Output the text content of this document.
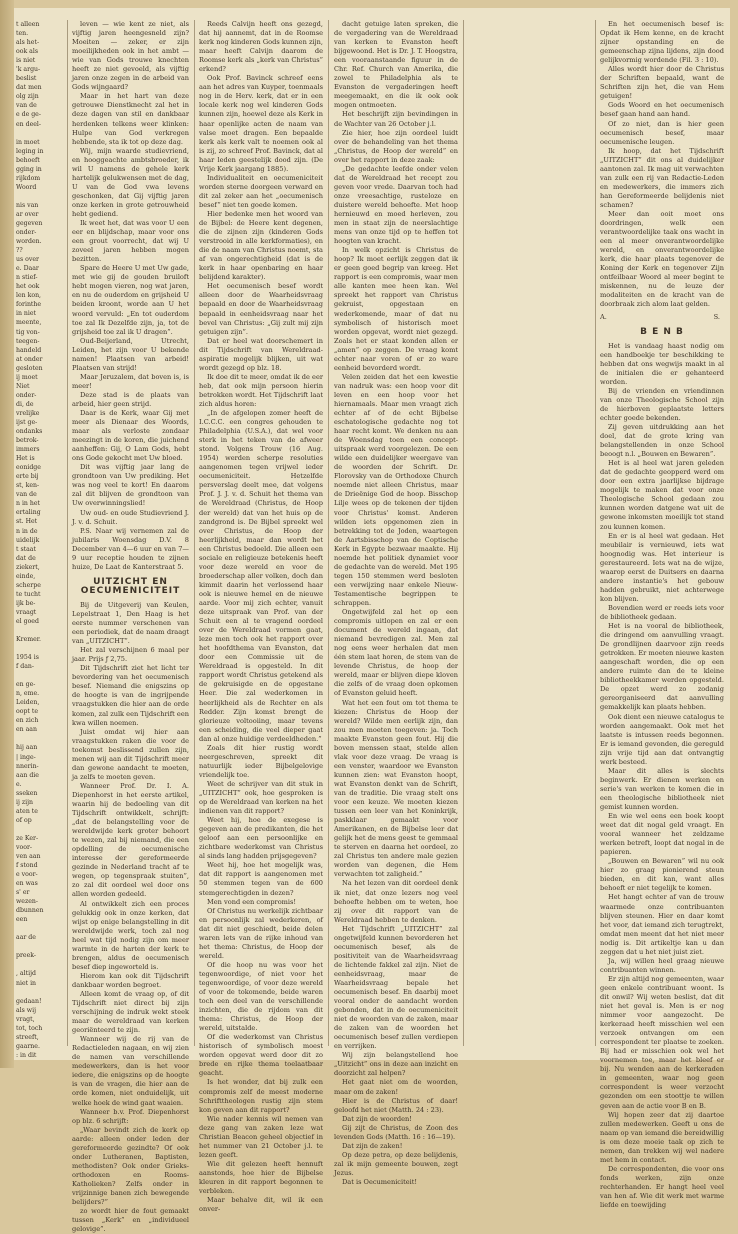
t alleen
ten.
als het-
ook als
is niet
'k argu-
beslist
dat men
olg zijn
van de
e de ge-
en deel-
in moet
leging in
behoeft
gging in
rijkdom
Woord
nis van
ar over
gegeven
onder-
worden.
??
us over
e. Daar
n stief-
het ook
len kon,
forinthe
in niet
meente,
tig von-
teegen-
handeld
at onder
gesloten
ij moet
Niet
onder-
di, de
vrelijke
ijst ge-
ondanks
betrok-
immers
Het is
eonidge
erte bij
st, ken-
van de
n in het
ertaling
st. Het
n in de
uidelijk
t staat
dat de
ziekert,
einde,
scherpe
te tucht
ijk be-
vraagt
el goed
Kremer.
1954 is
f dan-
en ge-
n, eme.
Leiden,
oopt te
en zich
en aan
hij aan
| inge-
nnerin-
aan die
e.
sseken
ij zijn
aten te
of op
ze Ker-
voor-
ven aan
f stond
e voor-
en was
s' er
wezen-
dbunnen
een
aar de
preek-
, altijd
niet in
gedaan!
als wij
vragt,
tot, toch
streeft,
gaarne.
: in dit

leven — wie kent ze niet, als vijftig jaren heengesneld zijn? Moeiten — zeker, er zijn moeilijkheden ook in het ambt — wie van Gods trouwe knechten heeft ze niet gevoeld, als vijftig jaren onze zegen in de arbeid van Gods wijngaard?

Maar in het hart van deze getrouwe Dienstknecht zal het in deze dagen van stil en dankbaar herdenken telkens weer klinken: Hulpe van God verkregen hebbende, sta ik tot op deze dag.

Wij, mijn waarde studievriend, en hooggeachte ambtsbroeder, ik wil U namens de gehele kerk hartelijk gelukwensen met de dag, U van de God vwa levens geschonken, dat Gij vijftig jaren onze kerken in grote getrouwheid hebt gediend.

Ik weet het, dat was voor U een eer en blijdschap, maar voor ons een grout voorrecht, dat wij U zoveel jaren hebben mogen bezitten.

Spare de Heere U met Uw gade, met wie gij de gouden bruiloft hebt mogen vieren, nog wat jaren, en nu de ouderdom en grijsheid U beiden kroont, worde aan U het woord vervuld: „En tot ouderdom toe zal Ik Dezelfde zijn, ja, tot de grijsheid toe zal ik U dragen”.

Oud-Beijerland, Utrecht, Leiden, het zijn voor U bekende namen! Plaatsen van arbeid! Plaatsen van strijd!

Maar Jeruzalem, dat boven is, is meer!

Deze stad is de plaats van arbeid, hier geen strijd.

Daar is de Kerk, waar Gij met meer als Dienaar des Woords, maar als verloste zondaar meezingt in de koren, die juichend aanheffen: Gij, O Lam Gods, hebt ons Gode gekocht met Uw bloed.

Dit was vijftig jaar lang de grondtoon van Uw prediking. Het was nog veel te kort! En daarom zal dit blijven de grondtoon van Uw overwinningslied!

Uw oud- en oude Studievriend J. J. v. d. Schuit.

P.S. Naar wij vernemen zal de jubilaris Woensdag D.V. 8 December van 4—6 uur en van 7—9 uur receptie houden te zijnen huize, De Laat de Kanterstraat 5.

UITZICHT EN OECUMENICITEIT

Bij de Uitgeverij van Keulen, Lepelstraat 1, Den Haag is het eerste nummer verschenen van een periodiek, dat de naam draagt van „UITZICHT”.

Het zal verschijnen 6 maal per jaar. Prijs ƒ 2,75.

Dit Tijdschrift ziet het licht ter bevordering van het oecumenisch besef. Niemand die enigszins op de hoogte is van de ingrijpende vraagstukken die hier aan de orde komen, zal zulk een Tijdschrift een kwa willen noemen.

Juist omdat wij hier aan vraagstukken raken die voor de toekomst beslissend zullen zijn, menen wij aan dit Tijdschrift meer dan gewone aandacht te moeten, ja zelfs te moeten geven.

Wanneer Prof. Dr. I. A. Diepenhorst in het eerste artikel, waarin hij de bedoeling van dit Tijdschrift ontwikkelt, schrijft: „dat de belangstelling voor de wereldwijde kerk groter behoort te wezen, zal bij niemand, die een opdelling de oecumenische interesse der gereformeerde gezinde in Nederland tracht af te wegen, op tegenspraak stuiten”, zo zal dit oordeel wel door ons allen worden gedeeld.

Al ontwikkelt zich een proces gelukkig ook in onze kerken, dat wijst op enige belangstelling in dit wereldwijde werk, toch zal nog heel wat tijd nodig zijn om meer warmte in de harten der kerk te brengen, aldus de oecumenisch besef diep ingeworteld is.

Hierom kan ook dit Tijdschrift dankbaar worden begroet.

Alleen komt de vraag op, of dit Tijdschrift niet direct bij zijn verschijning de indruk wekt steek maar de wereldraad van kerken georiënteerd te zijn.

Wanneer wij de rij van de Redactieleden nagaan, en wij zien de namen van verschillende medewerkers, dan is het voor iedere, die enigszins op de hoogte is van de vragen, die hier aan de orde komen, niet onduidelijk, uit welke hoek de wind gaat waaien.

Wanneer b.v. Prof. Diepenhorst op blz. 6 schrijft:

„Waar bevindt zich de kerk op aarde: alleen onder leden der gereformeerde gezindte? Of ook onder Lutheranen, Baptisten, methodisten? Ook onder Grieks-orthodoxen en Rooms-Katholieken? Zelfs onder in vrijzinnige banen zich bewegende belijders?”

zo wordt hier de fout gemaakt tussen „Kerk” en „individueel gelovige”.

Reeds Calvijn heeft ons gezegd, dat hij aannemt, dat in de Roomse kerk nog kinderen Gods kunnen zijn, maar heeft Calvijn daarom de Roomse kerk als „kerk van Christus” erkend?

Ook Prof. Bavinck schreef eens aan het adres van Kuyper, toenmaals nog in de Herv. kerk, dat er in een locale kerk nog wel kinderen Gods kunnen zijn, hoewel deze als Kerk in haar openlijke acten de naam van valse moet dragen. Een bepaalde kerk als kerk valt te noemen ook al is zij, zo schreef Prof. Bavinck, dat al haar leden geestelijk dood zijn. (De Vrije Kerk jaargang 1885).

Individualiteit en oecumeniciteit worden sterne doorgeen verward en dit zal zeker aan het „oecumenisch besef” niet ten goede komen.

Hier bedenke men het woord van de Bijbel: de Heere kent degenen, die de zijnen zijn (kinderen Gods verstrooid in alle kerkformaties), en die de naam van Christus noemt, sta af van ongerechtigheid (dat is de kerk in haar openbaring en haar belijdend karakter).

Het oecumenisch besef wordt alleen door de Waarheidsvraag bepaald en door de Waarheidsvraag bepaald in eenheidsvraag naar het bevel van Christus: „Gij zult mij zijn getuigen zijn”.

Dat er heel wat doorschemert in dit Tijdschrift van Wereldraad-aspiratie mogelijk blijken, uit wat wordt gezegd op blz. 18.

Ik doe dit te meer, omdat ik de eer heb, dat ook mijn persoon hierin betrokken wordt. Het Tijdschrift laat zich aldus horen:

„In de afgelopen zomer heeft de I.C.C.C. een congres gehouden te Philadelphia (U.S.A.), dat wel voor sterk in het teken van de afweer stond. Volgens Trouw (16 Aug. 1954) werden scherpe resoluties aangenomen tegen vrijwel ieder oecumeniciteit. Hetzelfde persverslag deelt mee, dat volgens Prof. J. J. v. d. Schuit het thema van de Wereldraad (Christus, de Hoop der wereld) dat van het huis op de zandgrond is. De Bijbel spreekt wel over Christus, de Hoop der heerlijkheid, maar dan wordt het een Christus bedoeld. Die alleen een sociale en religieuze betekenis heeft voor deze wereld en voor de broederschap aller volken, doch dan kimmit daarin het verlossend haar ook is nieuwe hemel en de nieuwe aarde. Voor mij zich echter, vanuit deze uitspraak van Prof. van der Schuit een al te vragend oordeel over de Wereldraad vormen gaat, leze men toch ook het rapport over het hoofdthema van Evanston, dat door een Commissie uit de Wereldraad is opgesteld. In dit rapport wordt Christus getekend als de gekruisigde en de opgestane Heer. Die zal wederkomen in heerlijkheid als de Rechter en als Redder. Zijn komst brengt de glorieuze voltooiing, maar tevens een scheiding, die veel dieper gaat dan al onze huidige verdeeldheden.”

Zoals dit hier rustig wordt neergeschreven, spreekt dit natuurlijk ieder Bijbelgelovige vriendelijk toe.

Weet de schrijver van dit stuk in „UITZICHT” ook, hoe gesproken is op de Wereldraad van kerken na het indienen van dit rapport?

Weet hij, hoe de exegese is gegeven aan de predikanten, die het geloof aan een persoonlijke en zichtbare wederkomst van Christus al sinds lang hadden prijsgegeven?

Weet hij, hoe het mogelijk was, dat dit rapport is aangenomen met 50 stemmen tegen van de 600 stemgerechtigden in dezen?

Men vond een compromis!

Of Christus nu werkelijk zichtbaar en persoonlijk zal wederkeren, of dat dit niet geschiedt, beide delen waren lets van de rijke inhoud van het thema: Christus, de Hoop der wereld.

Of die hoop nu was voor het tegenwoordige, of niet voor het tegenwoordige, of voor deze wereld of voor de tokomende, beide waren toch een deel van de verschillende inzichten, die de rijdom van dit thema: Christus, de Hoop der wereld, uitstalde.

Of die wederkomst van Christus historisch of symbolisch moest worden opgevat werd door dit zo brede en rijke thema toelaatbaar geacht.

Is het wonder, dat bij zulk een compromis zelf de meest moderne Schrifttheologen rustig zijn stem kon geven aan dit rapport?

Wie nader kennis wil nemen van deze gang van zaken leze wat Christian Beacon geheel objectief in het nummer van 21 October j.l. te lezen geeft.

Wie dit gelezen heeft hennuft aanstonds, hoe hier de Bijbelse kleuren in dit rapport begonnen te verbleken.

Maar behalve dit, wil ik een onver-

dacht getuige laten spreken, die de vergadering van de Wereldraad van kerken te Evanston heeft bijgewoond. Het is Dr. J. T. Hoogstra, een vooraanstaande figuur in de Chr. Ref. Church van Amerika, die zowel te Philadelphia als te Evanston de vergaderingen heeft meegemaakt, en die ik ook ook mogen ontmoeten.

Het beschrijft zijn bevindingen in de Wachter van 26 October j.l.

Zie hier, hoe zijn oordeel luidt over de behandeling van het thema „Christus, de Hoop der wereld” en over het rapport in deze zaak:

„De gedachte leefde onder velen dat de Wereldraad het recept zou geven voor vrede. Daarvan toch had onze vreesachtige, rusteloze en duistere wereld behoefte. Met hoop hernieuwd en moed herleven, zou men in staat zijn de neerslachtige mens van onze tijd op te heffen tot hoogten van kracht.

In welk opzicht is Christus de hoop? Ik moet eerlijk zeggen dat ik er geen goed begrip van kreeg. Het rapport is een compromis, waar men alle kanten mee heen kan. Wel spreekt het rapport van Christus gekruist, opgestaan en wederkomende, maar of dat nu symbolisch of historisch moet worden opgevat, wordt niet gezegd. Zoals het er staat konden allen er „amen” op zeggen. De vraag komt echter naar voren of er zo ware eenheid bevorderd wordt.

Velen zeiden dat het een kwestie van nadruk was: een hoop voor dit leven en een hoop voor het hiernamaals. Maar men vraagt zich echter af of de echt Bijbelse eschatologische gedachte nog tot haar recht komt. We denken nu aan de Woensdag toen een concept-uitspraak werd voorgelezen. De een wilde een duidelijker weergave van de woorden der Schrift. Dr. Florovsky van de Orthodoxe Church noemde niet alleen Christus, maar de Drieënige God de hoop. Bisschop Lilje wees op de tekenen der tijden voor Christus' komst. Anderen wilden iets opgenomen zien in betrekking tot de Joden, waartegen de Aartsbisschop van de Coptische Kerk in Egypte bezwaar maakte. Hij noemde het politiek dynamiet voor de gedachte van de wereld. Met 195 tegen 150 stemmen werd besloten een verwijzing naar enkele Nieuw-Testamentische begrippen te schrappen.

Ongetwijfeld zal het op een compromis uitlopen en zal er een document de wereld ingaan, dat niemand bevredigen zal. Men zal nog eens weer herhalen dat men één stem laat horen, de stem van de levende Christus, de hoop der wereld, maar er blijven diepe kloven die zelfs of de vraag doen opkomen of Evanston geluid heeft.

Wat het een fout om tot thema te kiezen: Christus de Hoop der wereld? Wilde men eerlijk zijn, dan zou men moeten toegeven: ja. Toch maakte Evanston geen fout. Hij die boven menssen staat, stelde allen vlak voor deze vraag. De vraag is een venster, waardoor we Evanston kunnen zien: wat Evanston hoopt, wat Evanston denkt van de Schrift, van de traditie. Die vraag stelt ons voor een keuze. We moeten kiezen tussen een leer van het Koninkrijk, paskklaar gemaakt voor Amerikanen, en de Bijbelse leer dat gelijk het de mens geest te gemmaal te sterven en daarna het oordeel, zo zal Christus ten andere male gezien worden van degenen, die Hem verwachten tot zaligheid.”

Na het lezen van dit oordeel denk ik niet, dat onze lezers nog veel behoefte hebben om te weten, hoe zij over dit rapport van de Wereldraad hebben te denken.

Het Tijdschrift „UITZICHT” zal ongetwijfeld kunnen bevorderen het oecumenisch besef, als de positiviteit van de Waarheidsvraag de lichtende fakkel zal zijn. Niet de eenheidsvraag, maar de Waarheidsvraag bepale het oecumenisch besef. En daarbij moet vooral onder de aandacht worden gebonden, dat in de oecumeniciteit niet de woorden van de zaken, maar de zaken van de woorden het oecumenisch besef zullen verdiepen en verrijken.

Wij zijn belangstellend hoe „Uitzicht” ons in deze aan inzicht en doorzicht zal helpen?

Het gaat niet om de woorden, maar om de zaken!

Hier is de Christus of daar! geloofd het niet (Matth. 24 : 23).

Dat zijn de woorden!

Gij zijt de Christus, de Zoon des levenden Gods (Matth. 16 : 16—19).

Dat zijn de zaken!

Op deze petra, op deze belijdenis, zal ik mijn gemeente bouwen, zegt Jezus.

Dat is Oecumeniciteit!

En het oecumenisch besef is: Opdat ik Hem kenne, en de kracht zijner opstanding en de gemeenschap zijna lijdens, zijn dood gelijkvormig wordende (Fil. 3 : 10).

Alles wordt hier door de Christus der Schriften bepaald, want de Schriften zijn het, die van Hem getuigen!

Gods Woord en het oecumenisch besef gaan hand aan hand.

Of zo niet, dan is hier geen oecumenisch besef, maar oecumenische leugen.

Ik hoop, dat het Tijdschrift „UITZICHT” dit ons al duidelijker aantonen zal. Ik mag uit verwachten van zulk een rij van Redactie-Leden en medewerkers, die immers zich han Gereformeerde belijdenis niet schamen?

Meer dan ooit moet ons doordringen, welk een verantwoordelijke taak ons wacht in een al meer onverantwoordelijke wereld, en onverantwoordelijke kerk, die haar plaats tegenover de Koning der Kerk en tegenover Zijn ontfeilbaar Woord al meer begint te miskennen, nu de leuze der modaliteiten en de kracht van de doorbraak zich alom laat gelden.

A.	S.
B E N B

Het is vandaag haast nodig om een handboekje ter beschikking te hebben dat ons wegwijs maakt in al de initialen die er gehanteerd worden.

Bij de vrienden en vriendinnen van onze Theologische School zijn de hierboven geplaatste letters echter goede bekenden.

Zij geven uitdrukking aan het doel, dat de grote kring van belangstellenden in onze School beoogt n.l. „Bouwen en Bewaren”.

Het is al heel wat jaren geleden dat de gedachte geopperd werd om door een extra jaarlijkse bijdrage mogelijk te maken dat voor onze Theologische School gedaan zou kunnen worden datgene wat uit de gewone inkomsten moeilijk tot stand zou kunnen komen.

En er is al heel wat gedaan. Het meubilair is vernieuwd, iets wat hoognodig was. Het interieur is gerestaureerd. Iets wat na de wijze, waarop eerst de Duitsers en daarna andere instantie's het gebouw hadden gebruikt, niet achterwege kon blijven.

Bovendien werd er reeds iets voor de bibliotheek gedaan.

Het is na vooral de bibliotheek, die dringend om aanvulling vraagt. De grondlijnen daarvoor zijn reeds getrokken. Er moeten nieuwe kasten aangeschaft worden, die op een andere ruimte dan de te kleine bibliotheekkamer werden opgesteld. De opzet werd zo zodanig gereorganiseerd dat aanvulling gemakkelijk kan plaats hebben.

Ook dient een nieuwe catalogus te worden aangemaakt. Ook met het laatste is intussen reeds begonnen. Er is iemand gevonden, die gereguld zijn vrije tijd aan dat ontvangtig werk besteed.

Maar dit alles is slechts beginwerk. Er dienen werken en serie's van werken te komen die in een theologische bibliotheek niet gemist kunnen worden.

En wie wel eens een boek koopt weet dat dit nogal geld vraagt. En vooral wanneer het zeldzame werken betreft, loopt dat nogal in de papieren.

„Bouwen en Bewaren” wil nu ook hier zo graag pionierend steun bieden, en dit kan, want alles behoeft er niet tegelijk te komen.

Het hangt echter af van de trouw waarmede onze contribuanten blijven steunen. Hier en daar komt het voor, dat iemand zich terugtrekt, omdat men meent dat het niet meer nodig is. Dit artikeltje kan u dan zeggen dat u het niet juist ziet.

Ja, wij willen heel graag nieuwe contribuanten winnen.

Er zijn altijd nog gemeenten, waar geen enkele contribuant woont. Is dit onwil? Wij weten beslist, dat dit niet het geval is. Men is er nog nimmer voor aangezocht. De kerkeraad heeft misschien wel een verzoek ontvangen om een correspondent ter plaatse te zoeken. Bij had er misschien ook wel het voornemen toe, maar het bleef er bij. Nu wenden aan de kerkeraden in gemeenten, waar nog geen correspondent is weer verzocht gezonden om een stoottje te willen geven aan de actie voor B en B.

Wij hopen zeer dat zij daartoe zullen medewerken. Geeft u ons de naam op van iemand die bereidwillig is om deze moeie taak op zich te nemen, dan trekken wij wel nadere met hem in contact.

De correspondenten, die voor ons fonds werken, zijn onze rechterhanden. Er hangt heel veel van hen af. Wie dit werk met warme liefde en toewijding
